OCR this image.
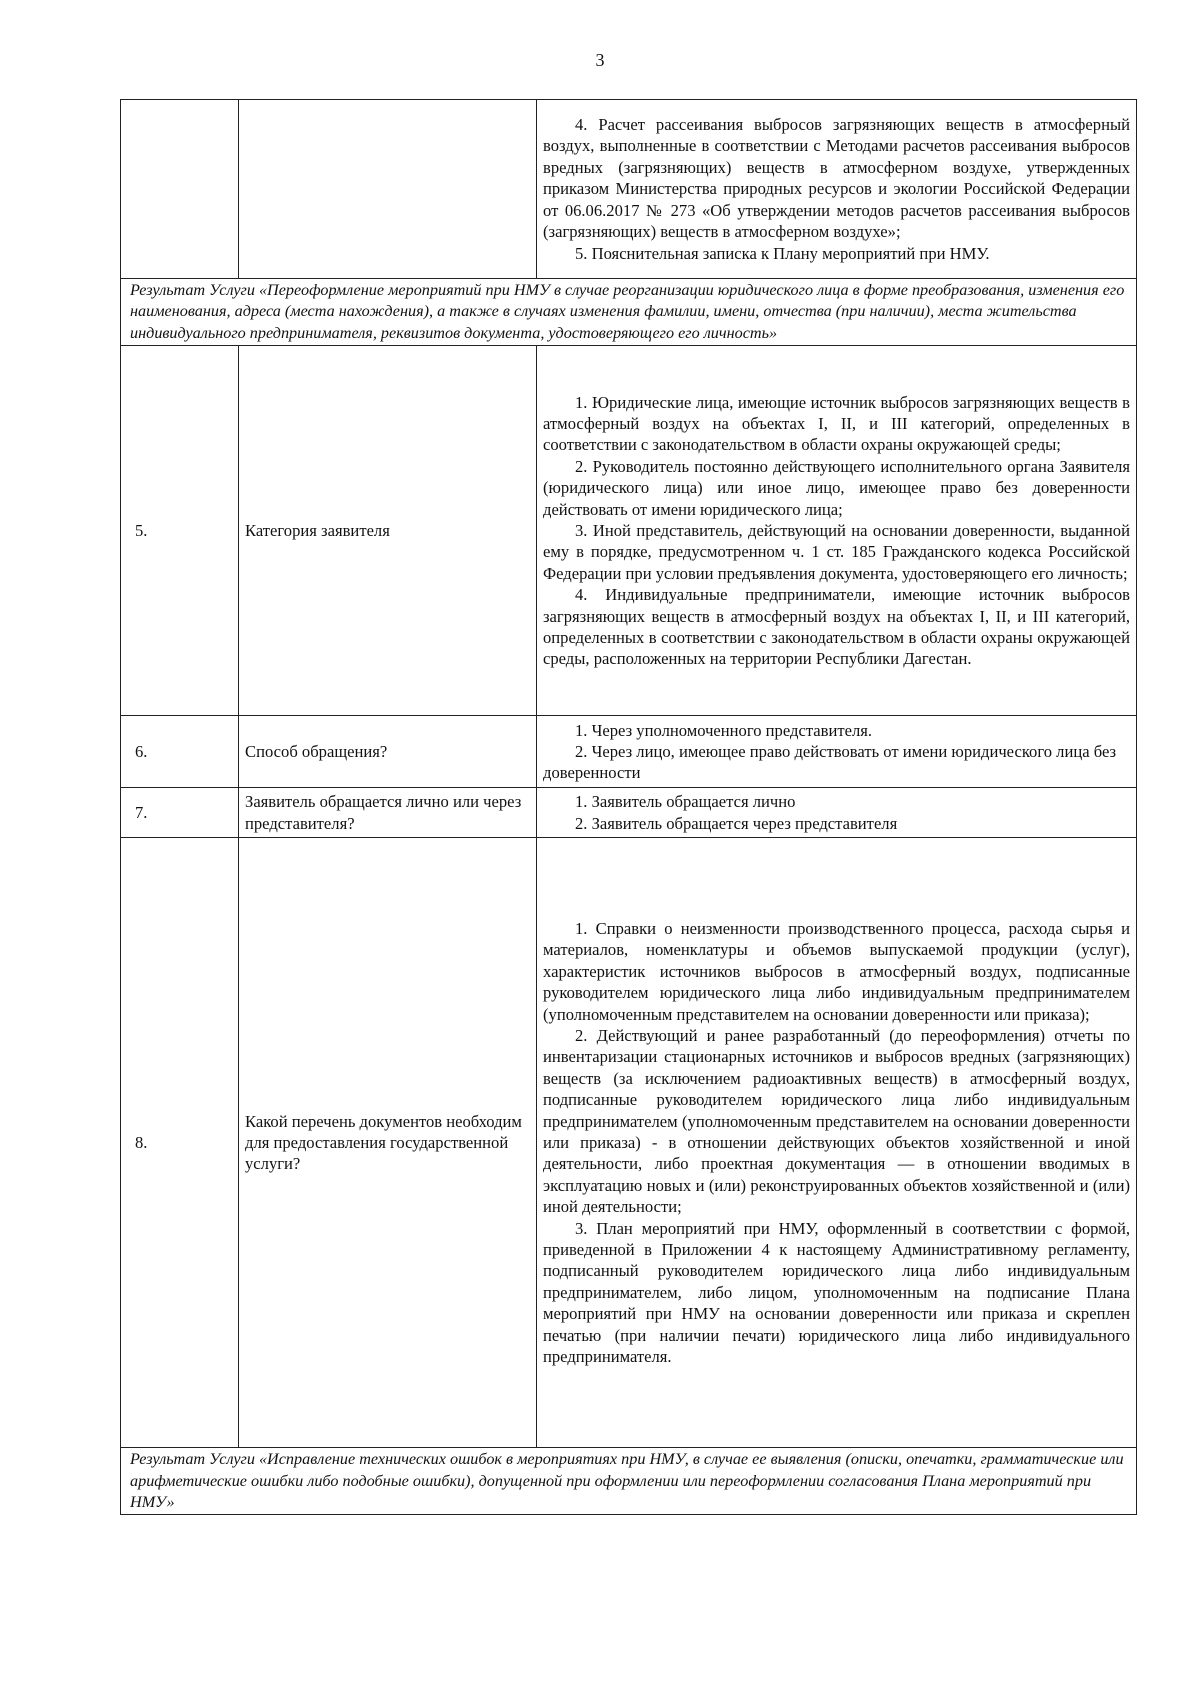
3

		4. Расчет рассеивания выбросов загрязняющих веществ в атмосферный воздух, выполненные в соответствии с Методами расчетов рассеивания выбросов вредных (загрязняющих) веществ в атмосферном воздухе, утвержденных приказом Министерства природных ресурсов и экологии Российской Федерации от 06.06.2017 № 273 «Об утверждении методов расчетов рассеивания выбросов (загрязняющих) веществ в атмосферном воздухе»;

5. Пояснительная записка к Плану мероприятий при НМУ.

Результат Услуги «Переоформление мероприятий при НМУ в случае реорганизации юридического лица в форме преобразования, изменения его наименования, адреса (места нахождения), а также в случаях изменения фамилии, имени, отчества (при наличии), места жительства индивидуального предпринимателя, реквизитов документа, удостоверяющего его личность»		
5.	Категория заявителя	1. Юридические лица, имеющие источник выбросов загрязняющих веществ в атмосферный воздух на объектах I, II, и III категорий, определенных в соответствии с законодательством в области охраны окружающей среды;

2. Руководитель постоянно действующего исполнительного органа Заявителя (юридического лица) или иное лицо, имеющее право без доверенности действовать от имени юридического лица;

3. Иной представитель, действующий на основании доверенности, выданной ему в порядке, предусмотренном ч. 1 ст. 185 Гражданского кодекса Российской Федерации при условии предъявления документа, удостоверяющего его личность;

4. Индивидуальные предприниматели, имеющие источник выбросов загрязняющих веществ в атмосферный воздух на объектах I, II, и III категорий, определенных в соответствии с законодательством в области охраны окружающей среды, расположенных на территории Республики Дагестан.

6.	Способ обращения?	1. Через уполномоченного представителя.

2. Через лицо, имеющее право действовать от имени юридического лица без доверенности

7.	Заявитель обращается лично или через представителя?	1. Заявитель обращается лично

2. Заявитель обращается через представителя

8.	Какой перечень документов необходим для предоставления государственной услуги?	1. Справки о неизменности производственного процесса, расхода сырья и материалов, номенклатуры и объемов выпускаемой продукции (услуг), характеристик источников выбросов в атмосферный воздух, подписанные руководителем юридического лица либо индивидуальным предпринимателем (уполномоченным представителем на основании доверенности или приказа);

2. Действующий и ранее разработанный (до переоформления) отчеты по инвентаризации стационарных источников и выбросов вредных (загрязняющих) веществ (за исключением радиоактивных веществ) в атмосферный воздух, подписанные руководителем юридического лица либо индивидуальным предпринимателем (уполномоченным представителем на основании доверенности или приказа) - в отношении действующих объектов хозяйственной и иной деятельности, либо проектная документация — в отношении вводимых в эксплуатацию новых и (или) реконструированных объектов хозяйственной и (или) иной деятельности;

3. План мероприятий при НМУ, оформленный в соответствии с формой, приведенной в Приложении 4 к настоящему Административному регламенту, подписанный руководителем юридического лица либо индивидуальным предпринимателем, либо лицом, уполномоченным на подписание Плана мероприятий при НМУ на основании доверенности или приказа и скреплен печатью (при наличии печати) юридического лица либо индивидуального предпринимателя.

Результат Услуги «Исправление технических ошибок в мероприятиях при НМУ, в случае ее выявления (описки, опечатки, грамматические или арифметические ошибки либо подобные ошибки), допущенной при оформлении или переоформлении согласования Плана мероприятий при НМУ»		
